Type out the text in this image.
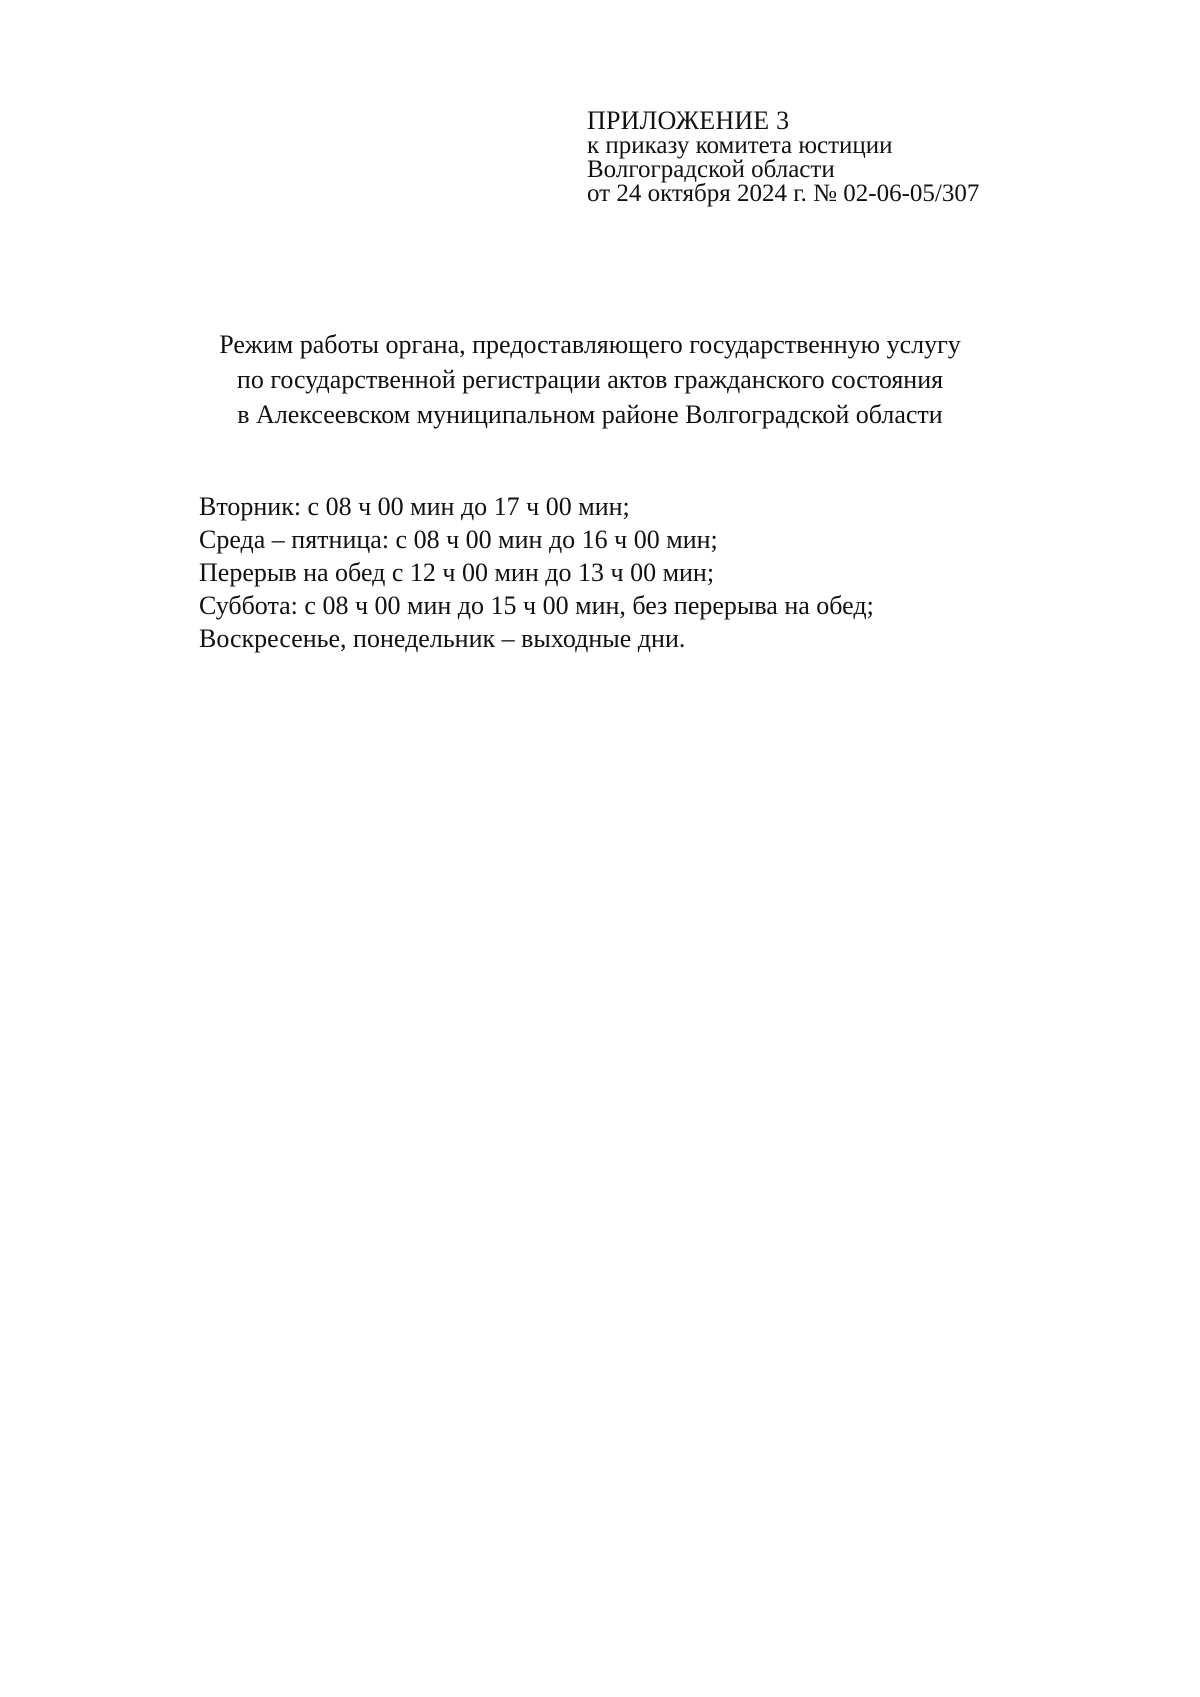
ПРИЛОЖЕНИЕ 3
к приказу комитета юстиции
Волгоградской области
от 24 октября 2024 г. № 02-06-05/307
Режим работы органа, предоставляющего государственную услугу
по государственной регистрации актов гражданского состояния
в Алексеевском муниципальном районе Волгоградской области
Вторник: с 08 ч 00 мин до 17 ч 00 мин;
Среда – пятница: с 08 ч 00 мин до 16 ч 00 мин;
Перерыв на обед с 12 ч 00 мин до 13 ч 00 мин;
Суббота: с 08 ч 00 мин до 15 ч 00 мин, без перерыва на обед;
Воскресенье, понедельник – выходные дни.
